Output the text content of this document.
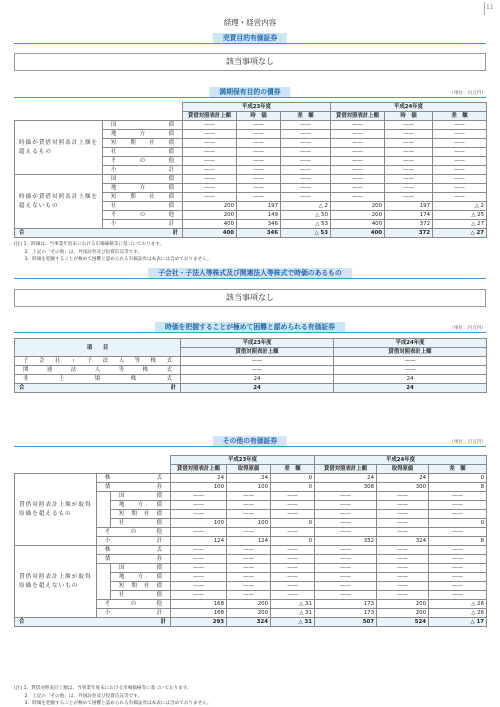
11
経理・経営内容
売買目的有価証券
該当事項なし
満期保有目的の債券	（単位：百万円）
		平成23年度			平成24年度		
		貸借対照表計上額	時　価	差　額	貸借対照表計上額	時　価	差　額
時価が貸借対照表計上額を超えるもの	国債	——	——	——	——	——	——
	地方債	——	——	——	——	——	——
	短期社債	——	——	——	——	——	——
	社債	——	——	——	——	——	——
	その他	——	——	——	——	——	——
	小計	——	——	——	——	——	——
時価が貸借対照表計上額を超えないもの	国債	——	——	——	——	——	——
	地方債	——	——	——	——	——	——
	短期社債	——	——	——	——	——	——
	社債	200	197	△ 2	200	197	△ 2
	その他	200	149	△ 50	200	174	△ 25
	小計	400	346	△ 53	400	372	△ 27
合計		400	346	△ 53	400	372	△ 27
(注) 1．時価は、当事業年度末における市場価格等に基づいております。
　　 2．上記の「その他」は、外国証券及び投資信託等です。
　　 3．時価を把握することが極めて困難と認められる有価証券は本表には含めておりません。
子会社・子法人等株式及び関連法人等株式で時価のあるもの
該当事項なし
時価を把握することが極めて困難と認められる有価証券	（単位：百万円）
項　　目	平成23年度	平成24年度
	貸借対照表計上額	貸借対照表計上額
子会社・子法人等株式	——	——
関連法人等株式	——	——
非上場株式	24	24
合計	24	24
その他の有価証券	（単位：百万円）
			平成23年度			平成24年度		
			貸借対照表計上額	取得原価	差　額	貸借対照表計上額	取得原価	差　額
貸借対照表計上額が取得原価を超えるもの	株式		24	24	0	24	24	0
	債券		100	100	0	308	300	8
		国債	——	——	——	——	——	——
		地方債	——	——	——	——	——	——
		短期社債	——	——	——	——	——	——
		社債	100	100	0	——	——	0
	その他		——	——	——	——	——	——
	小計		124	124	0	332	324	8
貸借対照表計上額が取得原価を超えないもの	株式		——	——	——	——	——	——
	債券		——	——	——	——	——	——
		国債	——	——	——	——	——	——
		地方債	——	——	——	——	——	——
		短期社債	——	——	——	——	——	——
		社債	——	——	——	——	——	——
	その他		168	200	△ 31	173	200	△ 26
	小計		168	200	△ 31	173	200	△ 26
合計			293	324	△ 31	507	524	△ 17
(注) 1．貸借対照表計上額は、当事業年度末における市場価格等に基づいております。
　　 2．上記の「その他」は、外国証券及び投資信託等です。
　　 3．時価を把握することが極めて困難と認められる有価証券は本表には含めておりません。
